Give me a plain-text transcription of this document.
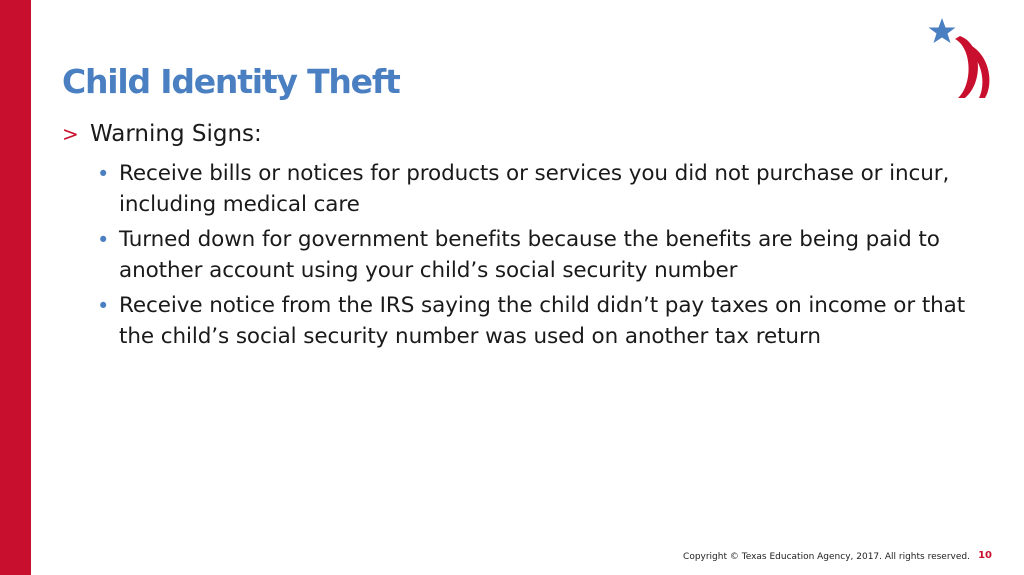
Child Identity Theft
> Warning Signs:
• Receive bills or notices for products or services you did not purchase or incur, including medical care
• Turned down for government benefits because the benefits are being paid to another account using your child’s social security number
• Receive notice from the IRS saying the child didn’t pay taxes on income or that the child’s social security number was used on another tax return
Copyright © Texas Education Agency, 2017. All rights reserved. 10
